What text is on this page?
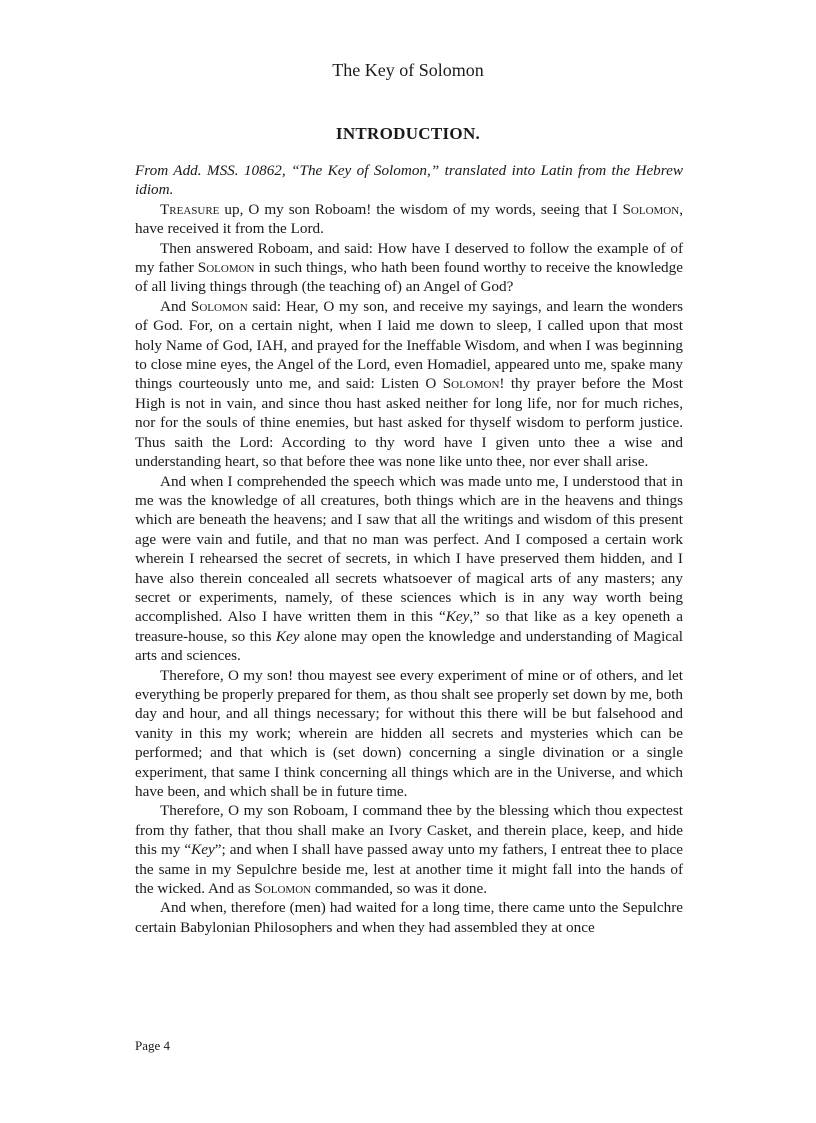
The Key of Solomon
INTRODUCTION.

From Add. MSS. 10862, “The Key of Solomon,” translated into Latin from the Hebrew idiom.

Treasure up, O my son Roboam! the wisdom of my words, seeing that I Solomon, have received it from the Lord.

Then answered Roboam, and said: How have I deserved to follow the example of of my father Solomon in such things, who hath been found worthy to receive the knowledge of all living things through (the teaching of) an Angel of God?

And Solomon said: Hear, O my son, and receive my sayings, and learn the wonders of God. For, on a certain night, when I laid me down to sleep, I called upon that most holy Name of God, IAH, and prayed for the Ineffable Wisdom, and when I was beginning to close mine eyes, the Angel of the Lord, even Homadiel, appeared unto me, spake many things courteously unto me, and said: Listen O Solomon! thy prayer before the Most High is not in vain, and since thou hast asked neither for long life, nor for much riches, nor for the souls of thine enemies, but hast asked for thyself wisdom to perform justice. Thus saith the Lord: According to thy word have I given unto thee a wise and understanding heart, so that before thee was none like unto thee, nor ever shall arise.

And when I comprehended the speech which was made unto me, I understood that in me was the knowledge of all creatures, both things which are in the heavens and things which are beneath the heavens; and I saw that all the writings and wisdom of this present age were vain and futile, and that no man was perfect. And I composed a certain work wherein I rehearsed the secret of secrets, in which I have preserved them hidden, and I have also therein concealed all secrets whatsoever of magical arts of any masters; any secret or experiments, namely, of these sciences which is in any way worth being accomplished. Also I have written them in this “Key,” so that like as a key openeth a treasure-house, so this Key alone may open the knowledge and understanding of Magical arts and sciences.

Therefore, O my son! thou mayest see every experiment of mine or of others, and let everything be properly prepared for them, as thou shalt see properly set down by me, both day and hour, and all things necessary; for without this there will be but falsehood and vanity in this my work; wherein are hidden all secrets and mysteries which can be performed; and that which is (set down) concerning a single divination or a single experiment, that same I think concerning all things which are in the Universe, and which have been, and which shall be in future time.

Therefore, O my son Roboam, I command thee by the blessing which thou expectest from thy father, that thou shall make an Ivory Casket, and therein place, keep, and hide this my “Key”; and when I shall have passed away unto my fathers, I entreat thee to place the same in my Sepulchre beside me, lest at another time it might fall into the hands of the wicked. And as Solomon commanded, so was it done.

And when, therefore (men) had waited for a long time, there came unto the Sepulchre certain Babylonian Philosophers and when they had assembled they at once

Page 4
